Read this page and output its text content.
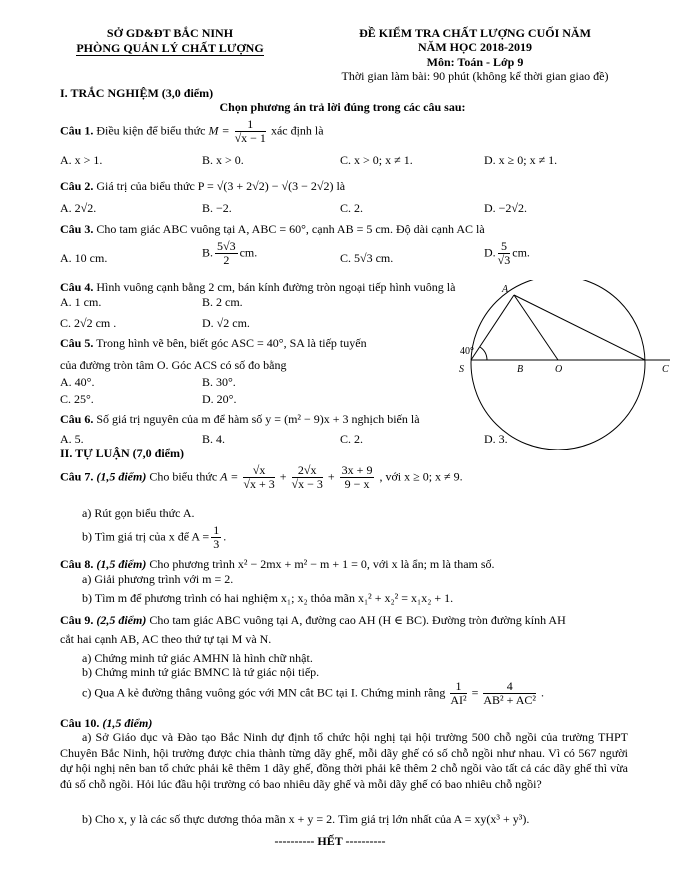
SỞ GD&ĐT BẮC NINH
PHÒNG QUẢN LÝ CHẤT LƯỢNG
ĐỀ KIỂM TRA CHẤT LƯỢNG CUỐI NĂM
NĂM HỌC 2018-2019
Môn: Toán - Lớp 9
Thời gian làm bài: 90 phút (không kể thời gian giao đề)
I. TRẮC NGHIỆM (3,0 điểm)
Chọn phương án trả lời đúng trong các câu sau:
Câu 1. Điều kiện để biểu thức $M = \frac{1}{√x - 1}$ xác định là
A. x > 1.	B. x > 0.	C. x > 0; x ≠ 1.	D. x ≥ 0; x ≠ 1.
Câu 2. Giá trị của biểu thức P = √(3 + 2√2) − √(3 − 2√2) là
A. 2√2.	B. −2.	C. 2.	D. −2√2.
Câu 3. Cho tam giác ABC vuông tại A, ABC = 60°, cạnh AB = 5 cm. Độ dài cạnh AC là
A. 10 cm.	B. $\frac{5√3}{2}$ cm.	C. 5√3 cm.	D. $\frac{5}{√3}$ cm.
Câu 4. Hình vuông cạnh bằng 2 cm, bán kính đường tròn ngoại tiếp hình vuông là
A. 1 cm.	B. 2 cm.
C. 2√2 cm .	D. √2 cm.
Câu 5. Trong hình vẽ bên, biết góc ASC = 40°, SA là tiếp tuyến
của đường tròn tâm O. Góc ACS có số đo bằng
A. 40°.	B. 30°.
C. 25°.	D. 20°.
A
S	B	O	C
40°
Câu 6. Số giá trị nguyên của m để hàm số y = (m² − 9)x + 3 nghịch biến là
A. 5.	B. 4.	C. 2.	D. 3.
II. TỰ LUẬN (7,0 điểm)
Câu 7. (1,5 điểm) Cho biểu thức $A = \frac{√x}{√x + 3} + \frac{2√x}{√x - 3} + \frac{3x + 9}{9 - x}$ , với x ≥ 0; x ≠ 9.
a) Rút gọn biểu thức A.
b) Tìm giá trị của x để $A = \frac{1}{3}$ .
Câu 8. (1,5 điểm) Cho phương trình x² − 2mx + m² − m + 1 = 0, với x là ẩn; m là tham số.
a) Giải phương trình với m = 2.
b) Tìm m để phương trình có hai nghiệm x₁; x₂ thỏa mãn x₁² + x₂² = x₁x₂ + 1.
Câu 9. (2,5 điểm) Cho tam giác ABC vuông tại A, đường cao AH (H ∈ BC). Đường tròn đường kính AH
cắt hai cạnh AB, AC theo thứ tự tại M và N.
a) Chứng minh tứ giác AMHN là hình chữ nhật.
b) Chứng minh tứ giác BMNC là tứ giác nội tiếp.
c) Qua A kẻ đường thẳng vuông góc với MN cắt BC tại I. Chứng minh rằng $\frac{1}{\text{AI²}} = \frac{4}{\text{AB² + AC²}}$ .
Câu 10. (1,5 điểm)
a) Sở Giáo dục và Đào tạo Bắc Ninh dự định tổ chức hội nghị tại hội trường 500 chỗ ngồi của trường THPT Chuyên Bắc Ninh, hội trường được chia thành từng dãy ghế, mỗi dãy ghế có số chỗ ngồi như nhau. Vì có 567 người dự hội nghị nên ban tổ chức phải kê thêm 1 dãy ghế, đồng thời phải kê thêm 2 chỗ ngồi vào tất cả các dãy ghế thì vừa đủ số chỗ ngồi. Hỏi lúc đầu hội trường có bao nhiêu dãy ghế và mỗi dãy ghế có bao nhiêu chỗ ngồi?
b) Cho x, y là các số thực dương thỏa mãn x + y = 2. Tìm giá trị lớn nhất của A = xy(x³ + y³).
---------- HẾT ----------
